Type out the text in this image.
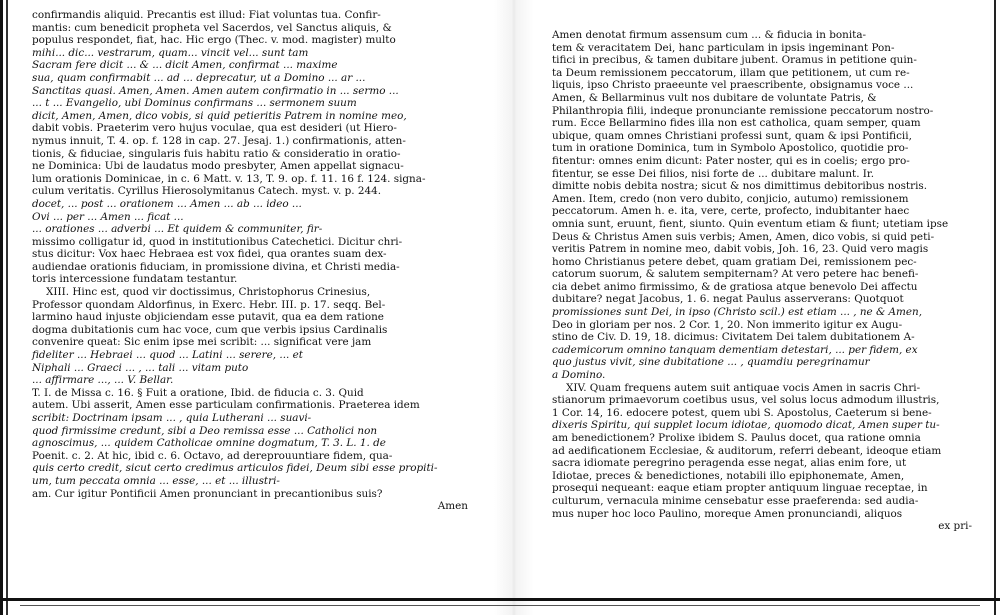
confirmandis aliquid. Precantis est illud: Fiat voluntas tua. Confir-
mantis: cum benedicit propheta vel Sacerdos, vel Sanctus aliquis, &
populus respondet, fiat, hac. Hic ergo (Thec. v. mod. magister) multo
mihi... dic... vestrarum, quam... vincit vel... sunt tam
Sacram fere dicit ... & ... dicit Amen, confirmat ... maxime
sua, quam confirmabit ... ad ... deprecatur, ut a Domino ... ar ...
Sanctitas quasi. Amen, Amen. Amen autem confirmatio in ... sermo ...
... t ... Evangelio, ubi Dominus confirmans ... sermonem suum
dicit, Amen, Amen, dico vobis, si quid petieritis Patrem in nomine meo,
dabit vobis. Praeterim vero hujus voculae, qua est desideri (ut Hiero-
nymus innuit, T. 4. op. f. 128 in cap. 27. Jesaj. 1.) confirmationis, atten-
tionis, & fiduciae, singularis fuis habitu ratio & consideratio in oratio-
ne Dominica: Ubi de laudatus modo presbyter, Amen appellat signacu-
lum orationis Dominicae, in c. 6 Matt. v. 13, T. 9. op. f. 11. 16 f. 124. signa-
culum veritatis. Cyrillus Hierosolymitanus Catech. myst. v. p. 244.
docet, ... post ... orationem ... Amen ... ab ... ideo ...
Ovi ... per ... Amen ... ficat ...
... orationes ... adverbi ... Et quidem & communiter, fir-
missimo colligatur id, quod in institutionibus Catechetici. Dicitur chri-
stus dicitur: Vox haec Hebraea est vox fidei, qua orantes suam dex-
audiendae orationis fiduciam, in promissione divina, et Christi media-
toris intercessione fundatam testantur.
XIII. Hinc est, quod vir doctissimus, Christophorus Crinesius,
Professor quondam Aldorfinus, in Exerc. Hebr. III. p. 17. seqq. Bel-
larmino haud injuste objiciendam esse putavit, qua ea dem ratione
dogma dubitationis cum hac voce, cum que verbis ipsius Cardinalis
convenire queat: Sic enim ipse mei scribit: ... significat vere jam
fideliter ... Hebraei ... quod ... Latini ... serere, ... et
Niphali ... Graeci ... , ... tali ... vitam puto
... affirmare ..., ... V. Bellar.
T. I. de Missa c. 16. § Fuit a oratione, Ibid. de fiducia c. 3. Quid
autem. Ubi asserit, Amen esse particulam confirmationis. Praeterea idem
scribit: Doctrinam ipsam ... , quia Lutherani ... suavi-
quod firmissime credunt, sibi a Deo remissa esse ... Catholici non
agnoscimus, ... quidem Catholicae omnine dogmatum, T. 3. L. 1. de
Poenit. c. 2. At hic, ibid c. 6. Octavo, ad dereprouuntiare fidem, qua-
quis certo credit, sicut certo credimus articulos fidei, Deum sibi esse propiti-
um, tum peccata omnia ... esse, ... et ... illustri-
am. Cur igitur Pontificii Amen pronunciant in precantionibus suis?
Amen
Amen denotat firmum assensum cum ... & fiducia in bonita-
tem & veracitatem Dei, hanc particulam in ipsis ingeminant Pon-
tifici in precibus, & tamen dubitare jubent. Oramus in petitione quin-
ta Deum remissionem peccatorum, illam que petitionem, ut cum re-
liquis, ipso Christo praeeunte vel praescribente, obsignamus voce ...
Amen, & Bellarminus vult nos dubitare de voluntate Patris, &
Philanthropia filii, indeque pronunciante remissione peccatorum nostro-
rum. Ecce Bellarmino fides illa non est catholica, quam semper, quam
ubique, quam omnes Christiani professi sunt, quam & ipsi Pontificii,
tum in oratione Dominica, tum in Symbolo Apostolico, quotidie pro-
fitentur: omnes enim dicunt: Pater noster, qui es in coelis; ergo pro-
fitentur, se esse Dei filios, nisi forte de ... dubitare malunt. Ir.
dimitte nobis debita nostra; sicut & nos dimittimus debitoribus nostris.
Amen. Item, credo (non vero dubito, conjicio, autumo) remissionem
peccatorum. Amen h. e. ita, vere, certe, profecto, indubitanter haec
omnia sunt, eruunt, fient, siunto. Quin eventum etiam & fiunt; utetiam ipse
Deus & Christus Amen suis verbis; Amen, Amen, dico vobis, si quid peti-
veritis Patrem in nomine meo, dabit vobis, Joh. 16, 23. Quid vero magis
homo Christianus petere debet, quam gratiam Dei, remissionem pec-
catorum suorum, & salutem sempiternam? At vero petere hac benefi-
cia debet animo firmissimo, & de gratiosa atque benevolo Dei affectu
dubitare? negat Jacobus, 1. 6. negat Paulus asserverans: Quotquot
promissiones sunt Dei, in ipso (Christo scil.) est etiam ... , ne & Amen,
Deo in gloriam per nos. 2 Cor. 1, 20. Non immerito igitur ex Augu-
stino de Civ. D. 19, 18. dicimus: Civitatem Dei talem dubitationem A-
cademicorum omnino tanquam dementiam detestari, ... per fidem, ex
quo justus vivit, sine dubitatione ... , quamdiu peregrinamur
a Domino.
XIV. Quam frequens autem suit antiquae vocis Amen in sacris Chri-
stianorum primaevorum coetibus usus, vel solus locus admodum illustris,
1 Cor. 14, 16. edocere potest, quem ubi S. Apostolus, Caeterum si bene-
dixeris Spiritu, qui supplet locum idiotae, quomodo dicat, Amen super tu-
am benedictionem? Prolixe ibidem S. Paulus docet, qua ratione omnia
ad aedificationem Ecclesiae, & auditorum, referri debeant, ideoque etiam
sacra idiomate peregrino peragenda esse negat, alias enim fore, ut
Idiotae, preces & benedictiones, notabili illo epiphonemate, Amen,
prosequi nequeant: eaque etiam propter antiquum linguae receptae, in
culturum, vernacula minime censebatur esse praeferenda: sed audia-
mus nuper hoc loco Paulino, moreque Amen pronunciandi, aliquos
ex pri-
